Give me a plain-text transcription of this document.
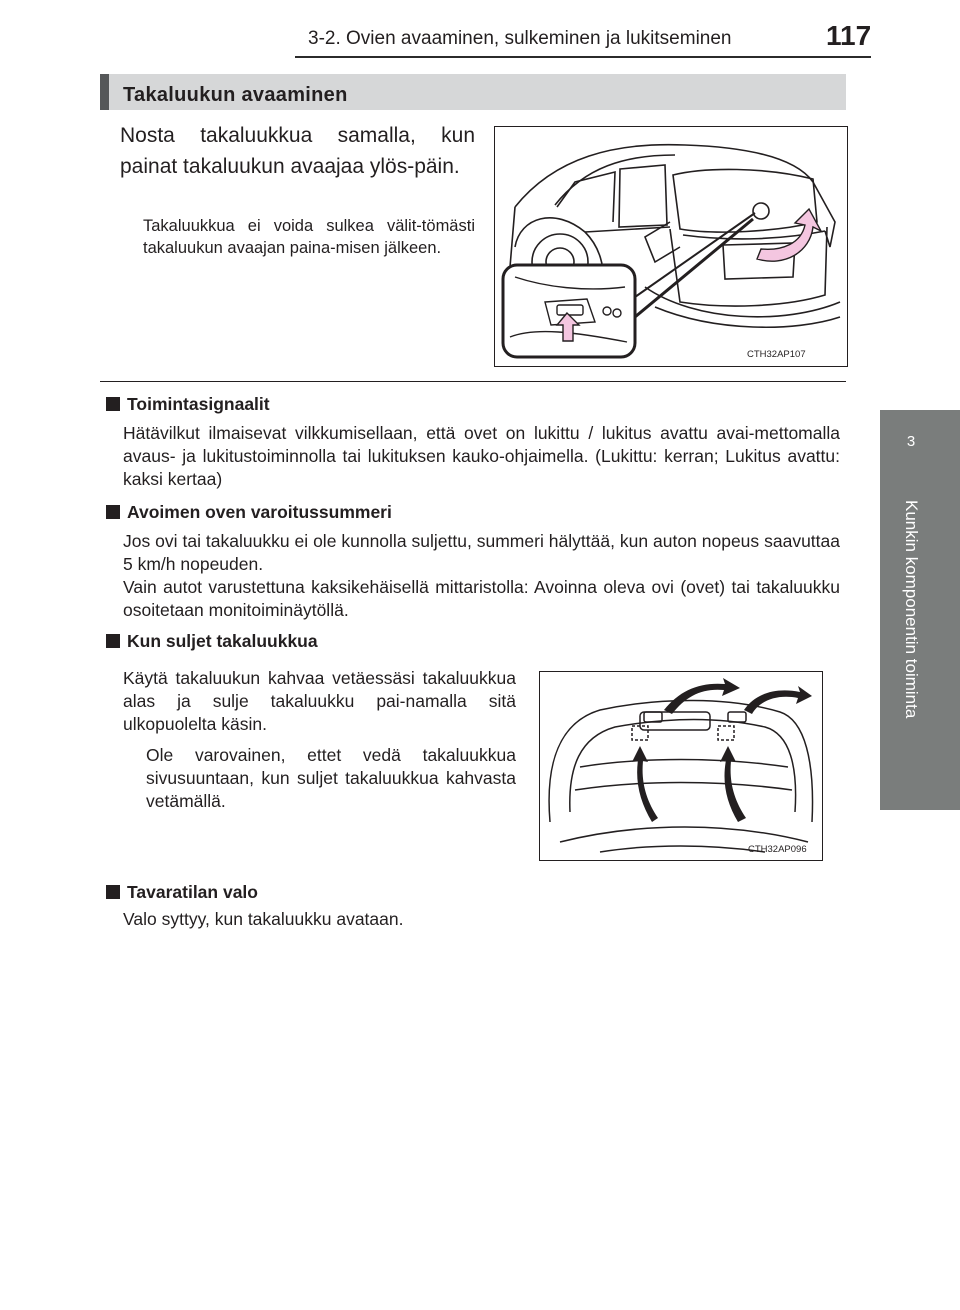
3-2. Ovien avaaminen, sulkeminen ja lukitseminen	117
3
Kunkin komponentin toiminta
Takaluukun avaaminen
Nosta takaluukkua samalla, kun painat takaluukun avaajaa ylös-päin.
Takaluukkua ei voida sulkea välit-tömästi takaluukun avaajan paina-misen jälkeen.
CTH32AP107
Toimintasignaalit
Hätävilkut ilmaisevat vilkkumisellaan, että ovet on lukittu / lukitus avattu avai-mettomalla avaus- ja lukitustoiminnolla tai lukituksen kauko-ohjaimella. (Lukittu: kerran; Lukitus avattu: kaksi kertaa)
Avoimen oven varoitussummeri
Jos ovi tai takaluukku ei ole kunnolla suljettu, summeri hälyttää, kun auton nopeus saavuttaa 5 km/h nopeuden.
Vain autot varustettuna kaksikehäisellä mittaristolla: Avoinna oleva ovi (ovet) tai takaluukku osoitetaan monitoiminäytöllä.
Kun suljet takaluukkua
Käytä takaluukun kahvaa vetäessäsi takaluukkua alas ja sulje takaluukku pai-namalla sitä ulkopuolelta käsin.
Ole varovainen, ettet vedä takaluukkua sivusuuntaan, kun suljet takaluukkua kahvasta vetämällä.
CTH32AP096
Tavaratilan valo
Valo syttyy, kun takaluukku avataan.
